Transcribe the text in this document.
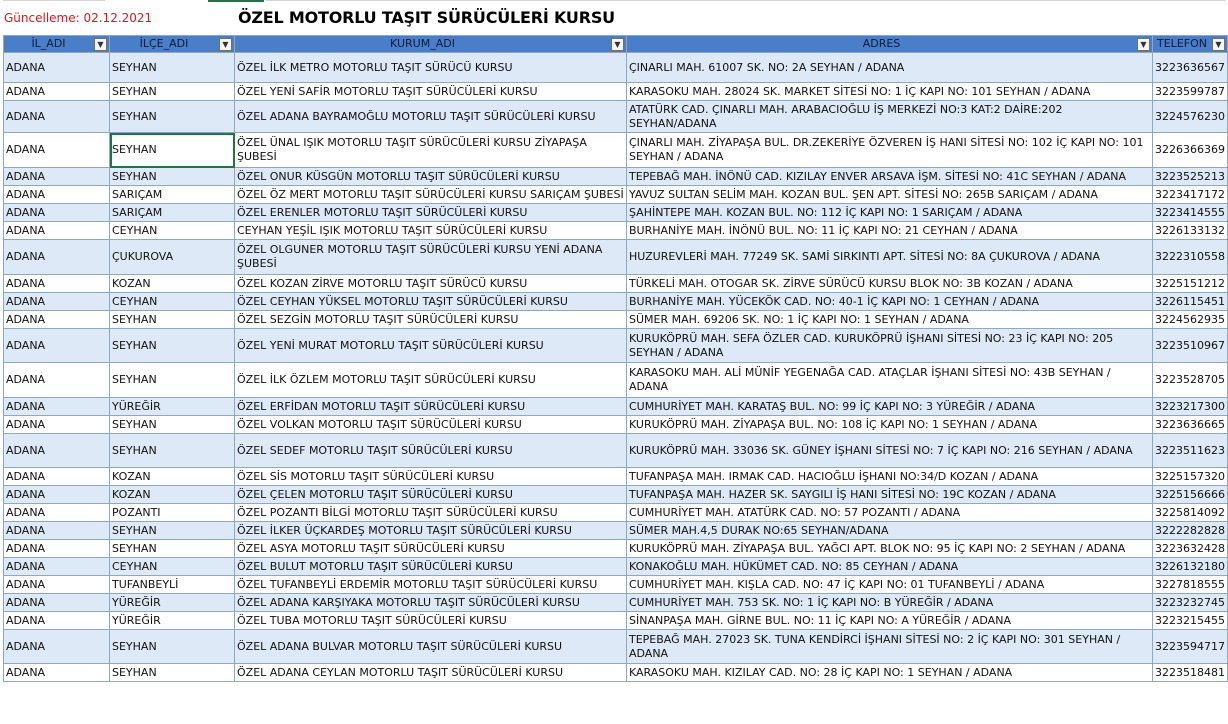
Güncelleme: 02.12.2021	ÖZEL MOTORLU TAŞIT SÜRÜCÜLERİ KURSU
İL_ADI ▼	İLÇE_ADI ▼	KURUM_ADI ▼	ADRES ▼	TELEFON ▼

ADANA	SEYHAN	ÖZEL İLK METRO MOTORLU TAŞIT SÜRÜCÜ KURSU	ÇINARLI MAH. 61007 SK. NO: 2A SEYHAN / ADANA	3223636567
ADANA	SEYHAN	ÖZEL YENİ SAFİR MOTORLU TAŞIT SÜRÜCÜLERİ KURSU	KARASOKU MAH. 28024 SK. MARKET SİTESİ NO: 1 İÇ KAPI NO: 101 SEYHAN / ADANA	3223599787
ADANA	SEYHAN	ÖZEL ADANA BAYRAMOĞLU MOTORLU TAŞIT SÜRÜCÜLERİ KURSU	ATATÜRK CAD. ÇINARLI MAH. ARABACIOĞLU İŞ MERKEZİ NO:3 KAT:2 DAİRE:202 SEYHAN/ADANA	3224576230
ADANA	SEYHAN	ÖZEL ÜNAL IŞIK MOTORLU TAŞIT SÜRÜCÜLERİ KURSU ZİYAPAŞA ŞUBESİ	ÇINARLI MAH. ZİYAPAŞA BUL. DR.ZEKERİYE ÖZVEREN İŞ HANI SİTESİ NO: 102 İÇ KAPI NO: 101 SEYHAN / ADANA	3226366369
ADANA	SEYHAN	ÖZEL ONUR KÜSGÜN MOTORLU TAŞIT SÜRÜCÜLERİ KURSU	TEPEBAĞ MAH. İNÖNÜ CAD. KIZILAY ENVER ARSAVA İŞM. SİTESİ NO: 41C SEYHAN / ADANA	3223525213
ADANA	SARIÇAM	ÖZEL ÖZ MERT MOTORLU TAŞIT SÜRÜCÜLERİ KURSU SARIÇAM ŞUBESİ	YAVUZ SULTAN SELİM MAH. KOZAN BUL. ŞEN APT. SİTESİ NO: 265B SARIÇAM / ADANA	3223417172
ADANA	SARIÇAM	ÖZEL ERENLER MOTORLU TAŞIT SÜRÜCÜLERİ KURSU	ŞAHİNTEPE MAH. KOZAN BUL. NO: 112 İÇ KAPI NO: 1 SARIÇAM / ADANA	3223414555
ADANA	CEYHAN	CEYHAN YEŞİL IŞIK MOTORLU TAŞIT SÜRÜCÜLERİ KURSU	BURHANİYE MAH. İNÖNÜ BUL. NO: 11 İÇ KAPI NO: 21 CEYHAN / ADANA	3226133132
ADANA	ÇUKUROVA	ÖZEL OLGUNER MOTORLU TAŞIT SÜRÜCÜLERİ KURSU YENİ ADANA ŞUBESİ	HUZUREVLERİ MAH. 77249 SK. SAMİ SIRKINTI APT. SİTESİ NO: 8A ÇUKUROVA / ADANA	3222310558
ADANA	KOZAN	ÖZEL KOZAN ZİRVE MOTORLU TAŞIT SÜRÜCÜ KURSU	TÜRKELİ MAH. OTOGAR SK. ZİRVE SÜRÜCÜ KURSU BLOK NO: 3B KOZAN / ADANA	3225151212
ADANA	CEYHAN	ÖZEL CEYHAN YÜKSEL MOTORLU TAŞIT SÜRÜCÜLERİ KURSU	BURHANİYE MAH. YÜCEKÖK CAD. NO: 40-1 İÇ KAPI NO: 1 CEYHAN / ADANA	3226115451
ADANA	SEYHAN	ÖZEL SEZGİN MOTORLU TAŞIT SÜRÜCÜLERİ KURSU	SÜMER MAH. 69206 SK. NO: 1 İÇ KAPI NO: 1 SEYHAN / ADANA	3224562935
ADANA	SEYHAN	ÖZEL YENİ MURAT MOTORLU TAŞIT SÜRÜCÜLERİ KURSU	KURUKÖPRÜ MAH. SEFA ÖZLER CAD. KURUKÖPRÜ İŞHANI SİTESİ NO: 23 İÇ KAPI NO: 205 SEYHAN / ADANA	3223510967
ADANA	SEYHAN	ÖZEL İLK ÖZLEM MOTORLU TAŞIT SÜRÜCÜLERİ KURSU	KARASOKU MAH. ALİ MÜNİF YEGENAĞA CAD. ATAÇLAR İŞHANI SİTESİ NO: 43B SEYHAN / ADANA	3223528705
ADANA	YÜREĞİR	ÖZEL ERFİDAN MOTORLU TAŞIT SÜRÜCÜLERİ KURSU	CUMHURİYET MAH. KARATAŞ BUL. NO: 99 İÇ KAPI NO: 3 YÜREĞİR / ADANA	3223217300
ADANA	SEYHAN	ÖZEL VOLKAN MOTORLU TAŞIT SÜRÜCÜLERİ KURSU	KURUKÖPRÜ MAH. ZİYAPAŞA BUL. NO: 108 İÇ KAPI NO: 1 SEYHAN / ADANA	3223636665
ADANA	SEYHAN	ÖZEL SEDEF MOTORLU TAŞIT SÜRÜCÜLERİ KURSU	KURUKÖPRÜ MAH. 33036 SK. GÜNEY İŞHANI SİTESİ NO: 7 İÇ KAPI NO: 216 SEYHAN / ADANA	3223511623
ADANA	KOZAN	ÖZEL SİS MOTORLU TAŞIT SÜRÜCÜLERİ KURSU	TUFANPAŞA MAH. IRMAK CAD. HACIOĞLU İŞHANI NO:34/D KOZAN / ADANA	3225157320
ADANA	KOZAN	ÖZEL ÇELEN MOTORLU TAŞIT SÜRÜCÜLERİ KURSU	TUFANPAŞA MAH. HAZER SK. SAYGILI İŞ HANI SİTESİ NO: 19C KOZAN / ADANA	3225156666
ADANA	POZANTI	ÖZEL POZANTI BİLGİ MOTORLU TAŞIT SÜRÜCÜLERİ KURSU	CUMHURİYET MAH. ATATÜRK CAD. NO: 57 POZANTI / ADANA	3225814092
ADANA	SEYHAN	ÖZEL İLKER ÜÇKARDEŞ MOTORLU TAŞIT SÜRÜCÜLERİ KURSU	SÜMER MAH.4,5 DURAK NO:65 SEYHAN/ADANA	3222282828
ADANA	SEYHAN	ÖZEL ASYA MOTORLU TAŞIT SÜRÜCÜLERİ KURSU	KURUKÖPRÜ MAH. ZİYAPAŞA BUL. YAĞCI APT. BLOK NO: 95 İÇ KAPI NO: 2 SEYHAN / ADANA	3223632428
ADANA	CEYHAN	ÖZEL BULUT MOTORLU TAŞIT SÜRÜCÜLERİ KURSU	KONAKOĞLU MAH. HÜKÜMET CAD. NO: 85 CEYHAN / ADANA	3226132180
ADANA	TUFANBEYLİ	ÖZEL TUFANBEYLİ ERDEMİR MOTORLU TAŞIT SÜRÜCÜLERİ KURSU	CUMHURİYET MAH. KIŞLA CAD. NO: 47 İÇ KAPI NO: 01 TUFANBEYLİ / ADANA	3227818555
ADANA	YÜREĞİR	ÖZEL ADANA KARŞIYAKA MOTORLU TAŞIT SÜRÜCÜLERİ KURSU	CUMHURİYET MAH. 753 SK. NO: 1 İÇ KAPI NO: B YÜREĞİR / ADANA	3223232745
ADANA	YÜREĞİR	ÖZEL TUBA MOTORLU TAŞIT SÜRÜCÜLERİ KURSU	SİNANPAŞA MAH. GİRNE BUL. NO: 11 İÇ KAPI NO: A YÜREĞİR / ADANA	3223215455
ADANA	SEYHAN	ÖZEL ADANA BULVAR MOTORLU TAŞIT SÜRÜCÜLERİ KURSU	TEPEBAĞ MAH. 27023 SK. TUNA KENDİRCİ İŞHANI SİTESİ NO: 2 İÇ KAPI NO: 301 SEYHAN / ADANA	3223594717
ADANA	SEYHAN	ÖZEL ADANA CEYLAN MOTORLU TAŞIT SÜRÜCÜLERİ KURSU	KARASOKU MAH. KIZILAY CAD. NO: 28 İÇ KAPI NO: 1 SEYHAN / ADANA	3223518481
